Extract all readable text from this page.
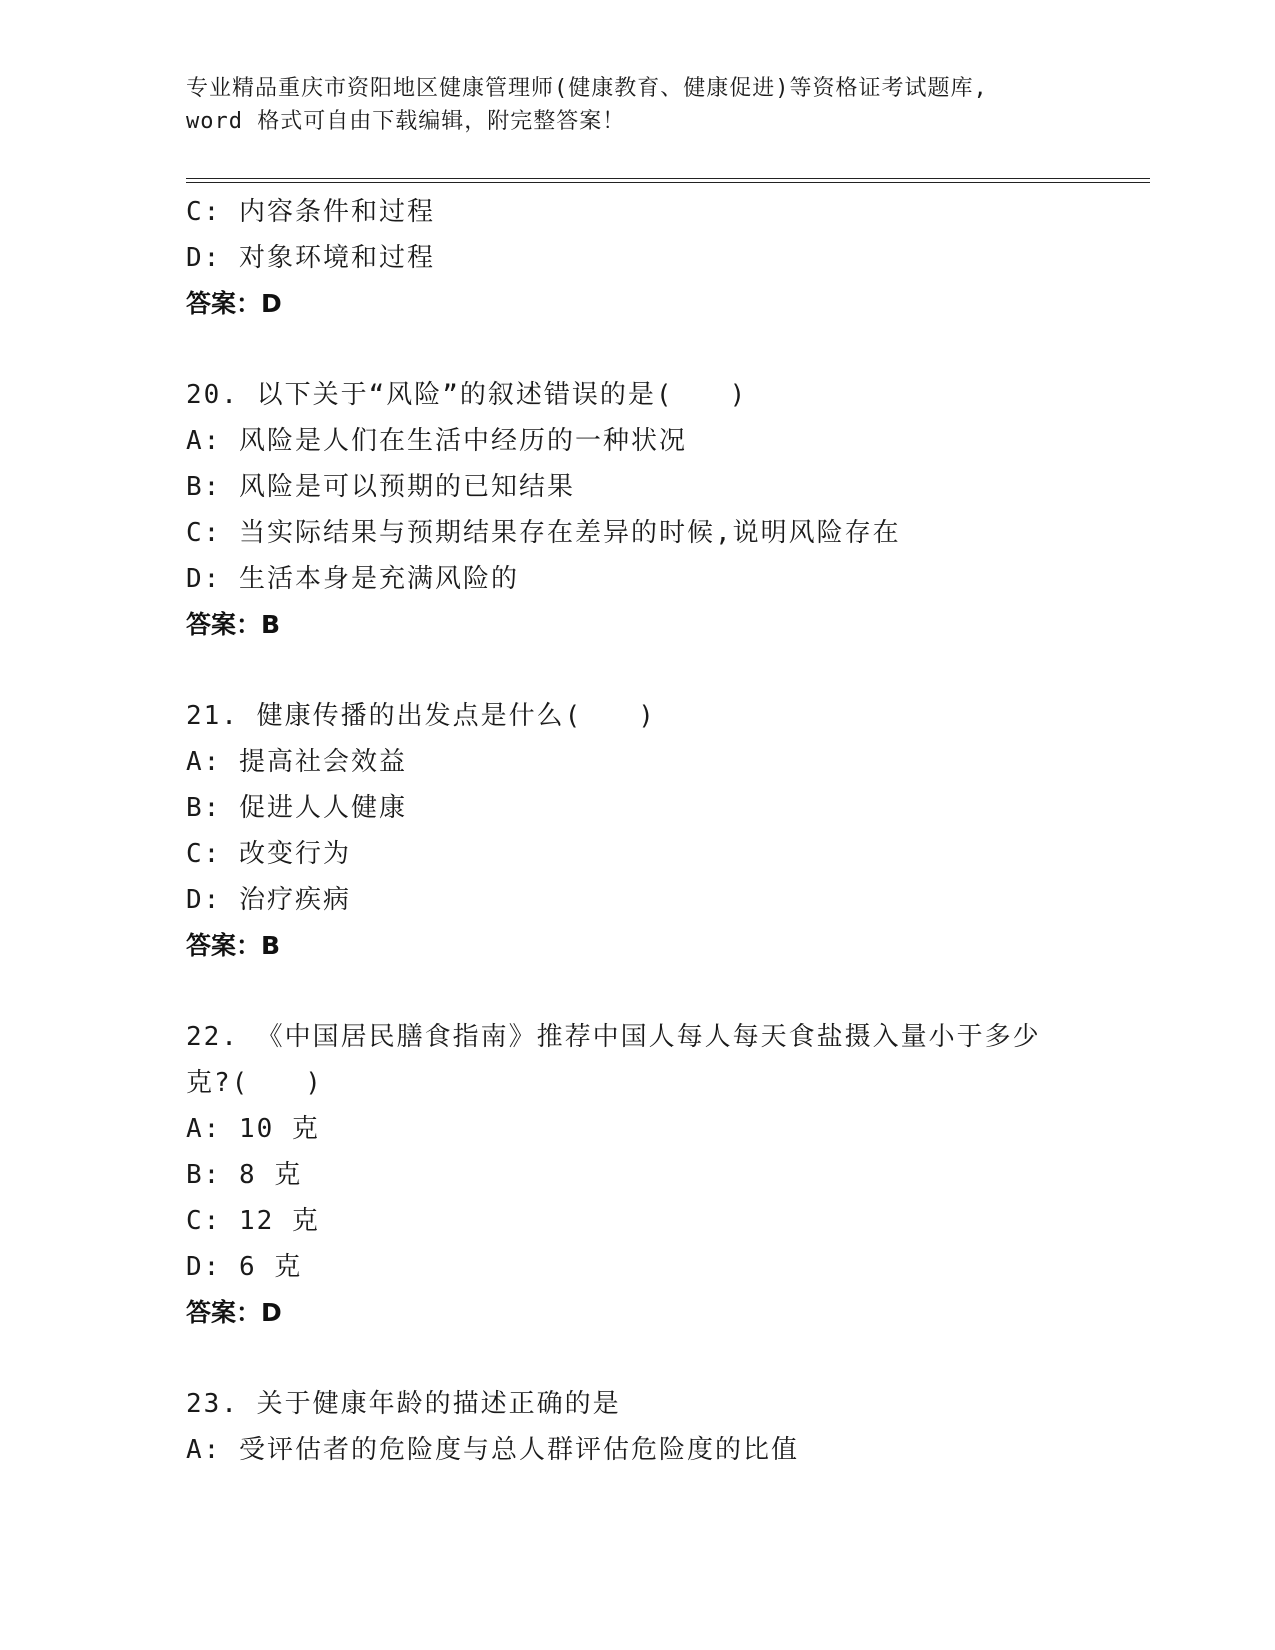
专业精品重庆市资阳地区健康管理师(健康教育、健康促进)等资格证考试题库,
word 格式可自由下载编辑，附完整答案！
C: 内容条件和过程
D: 对象环境和过程
答案：D
20. 以下关于“风险”的叙述错误的是(　　)
A: 风险是人们在生活中经历的一种状况
B: 风险是可以预期的已知结果
C: 当实际结果与预期结果存在差异的时候,说明风险存在
D: 生活本身是充满风险的
答案：B
21. 健康传播的出发点是什么(　　)
A: 提高社会效益
B: 促进人人健康
C: 改变行为
D: 治疗疾病
答案：B
22. 《中国居民膳食指南》推荐中国人每人每天食盐摄入量小于多少
克?(　　)
A: 10 克
B: 8 克
C: 12 克
D: 6 克
答案：D
23. 关于健康年龄的描述正确的是
A: 受评估者的危险度与总人群评估危险度的比值
